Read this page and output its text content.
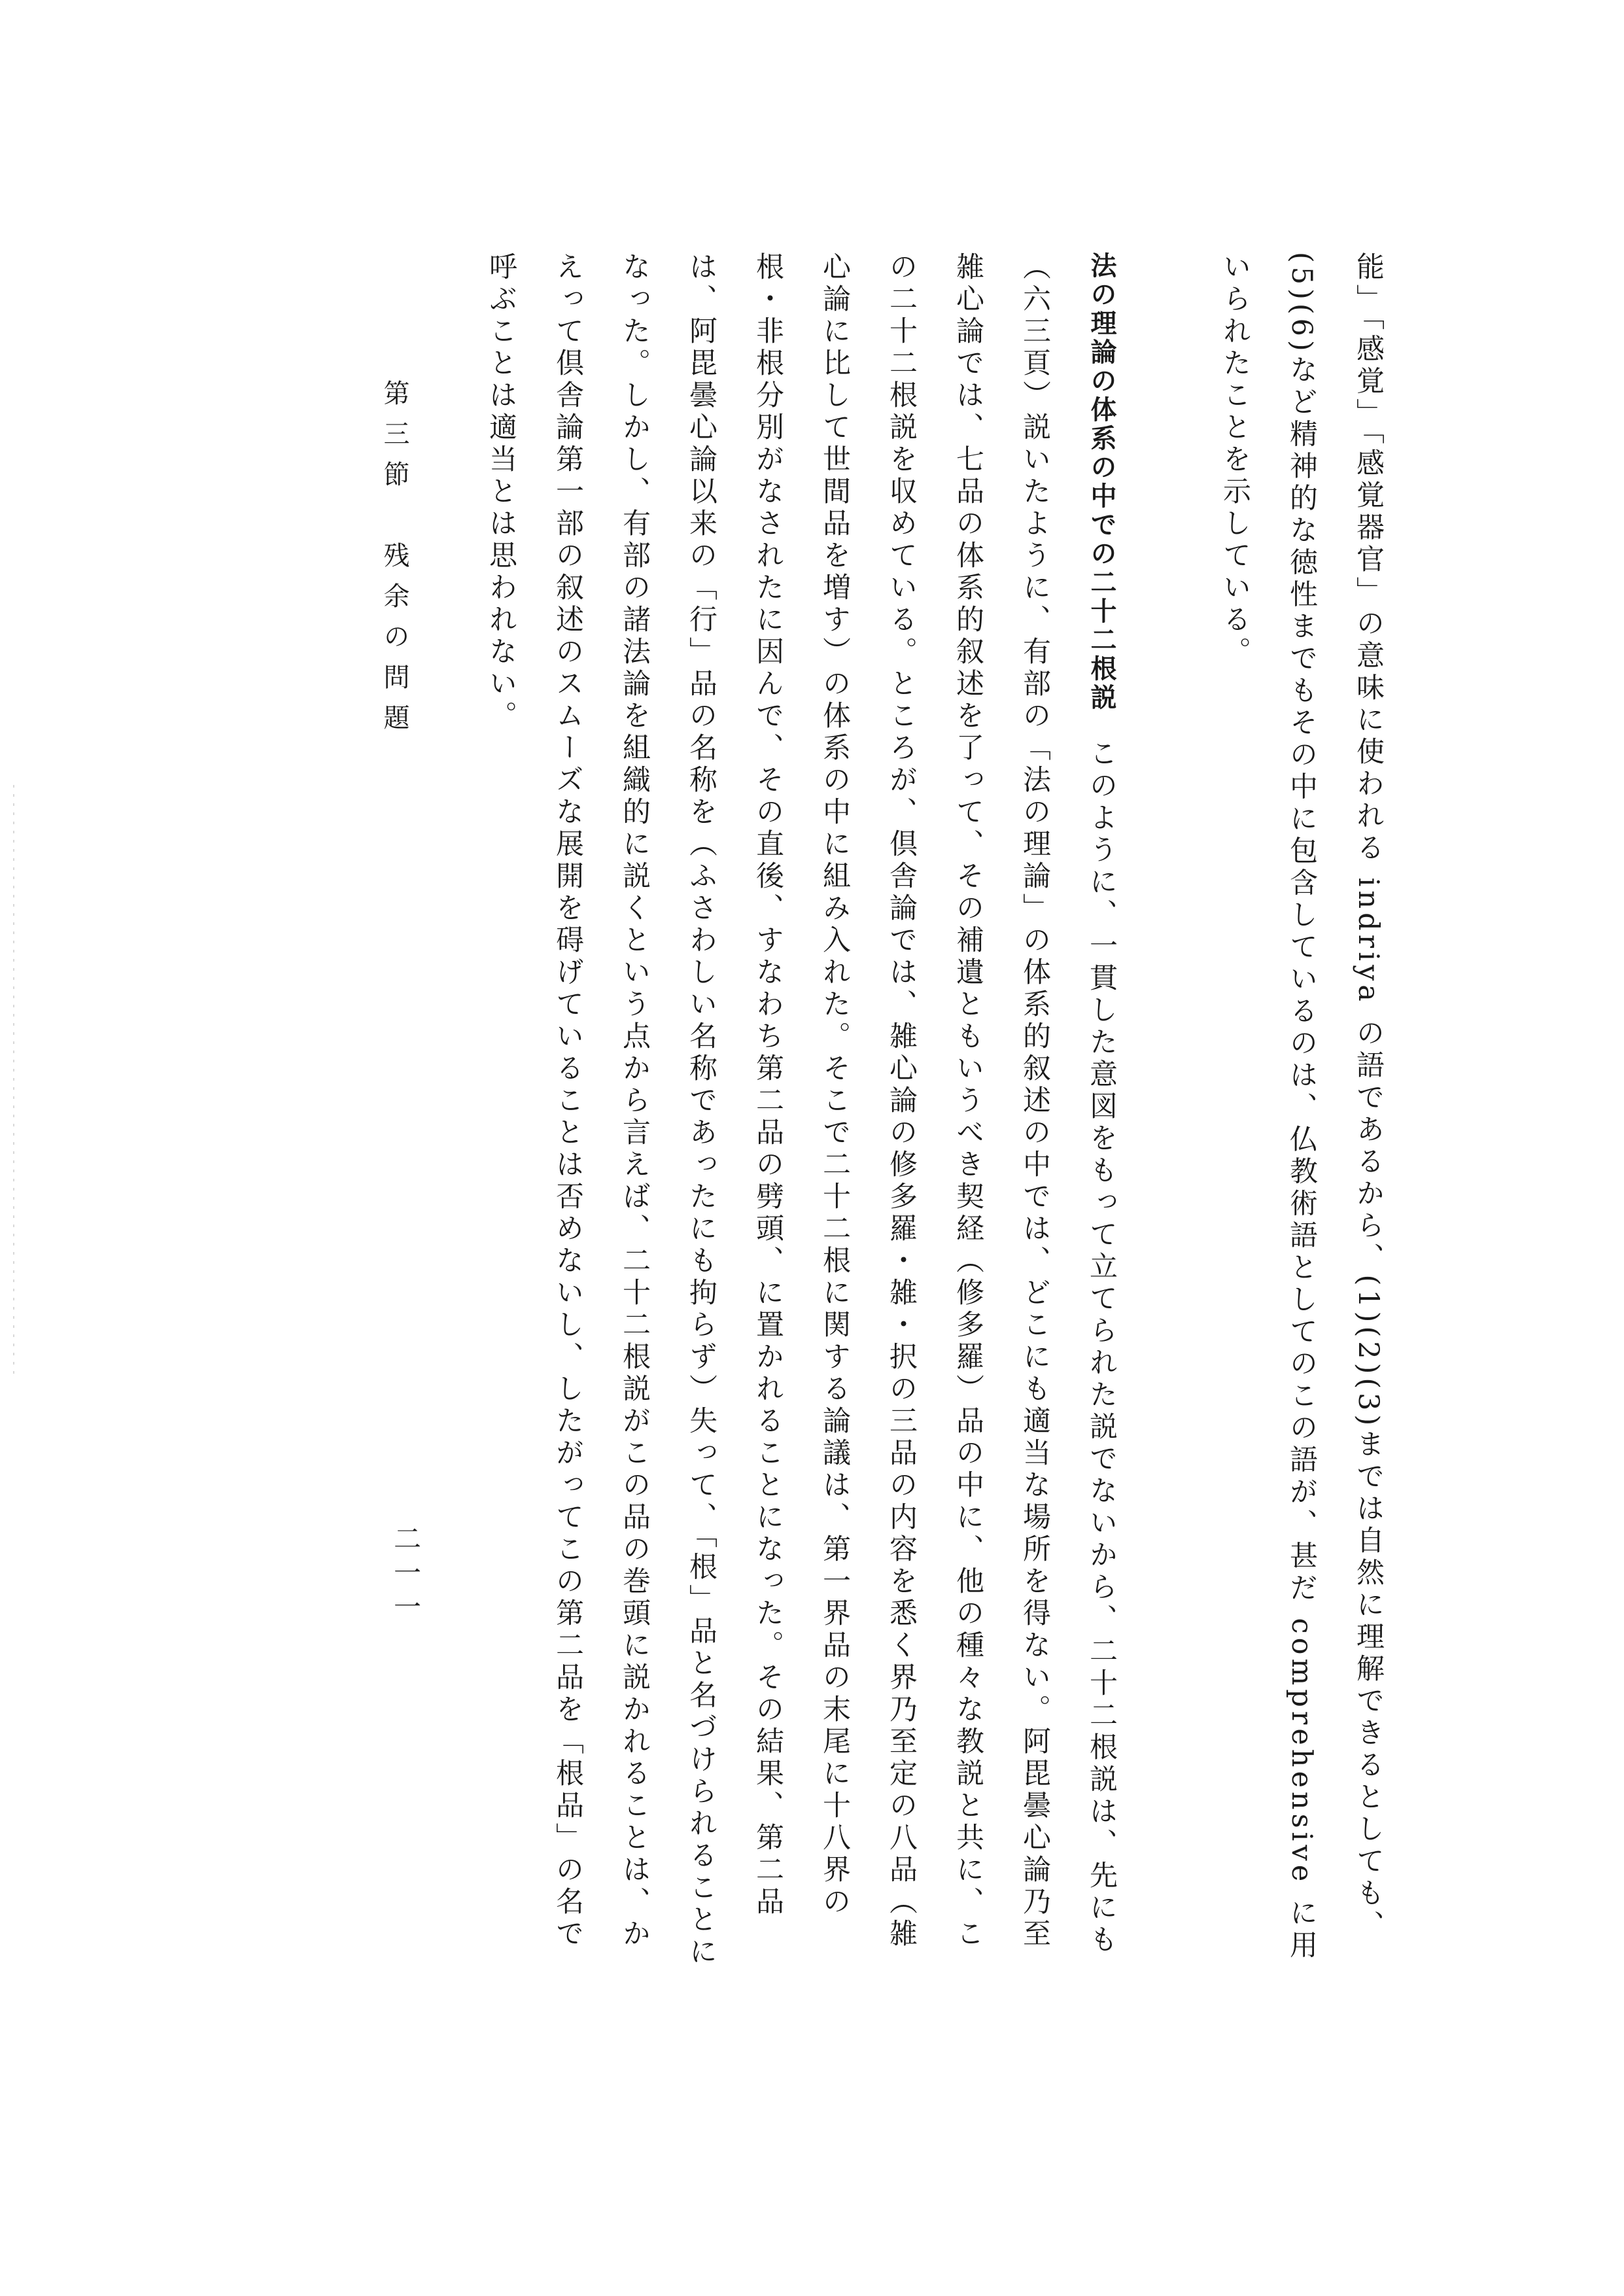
能」「感覚」「感覚器官」の意味に使われる indriya の語であるから、(1)(2)(3)までは自然に理解できるとしても、(5)(6)など精神的な徳性までもその中に包含しているのは、仏教術語としてのこの語が、甚だ comprehensive に用いられたことを示している。

法の理論の体系の中での二十二根説このように、一貫した意図をもって立てられた説でないから、二十二根説は、先にも（六三頁）説いたように、有部の「法の理論」の体系的叙述の中では、どこにも適当な場所を得ない。阿毘曇心論乃至雑心論では、七品の体系的叙述を了って、その補遺ともいうべき契経（修多羅）品の中に、他の種々な教説と共に、この二十二根説を収めている。ところが、倶舎論では、雑心論の修多羅・雑・択の三品の内容を悉く界乃至定の八品（雑心論に比して世間品を増す）の体系の中に組み入れた。そこで二十二根に関する論議は、第一界品の末尾に十八界の根・非根分別がなされたに因んで、その直後、すなわち第二品の劈頭、に置かれることになった。その結果、第二品は、阿毘曇心論以来の「行」品の名称を（ふさわしい名称であったにも拘らず）失って、「根」品と名づけられることになった。しかし、有部の諸法論を組織的に説くという点から言えば、二十二根説がこの品の巻頭に説かれることは、かえって倶舎論第一部の叙述のスムーズな展開を碍げていることは否めないし、したがってこの第二品を「根品」の名で呼ぶことは適当とは思われない。

第三節　残余の問題
二一一
